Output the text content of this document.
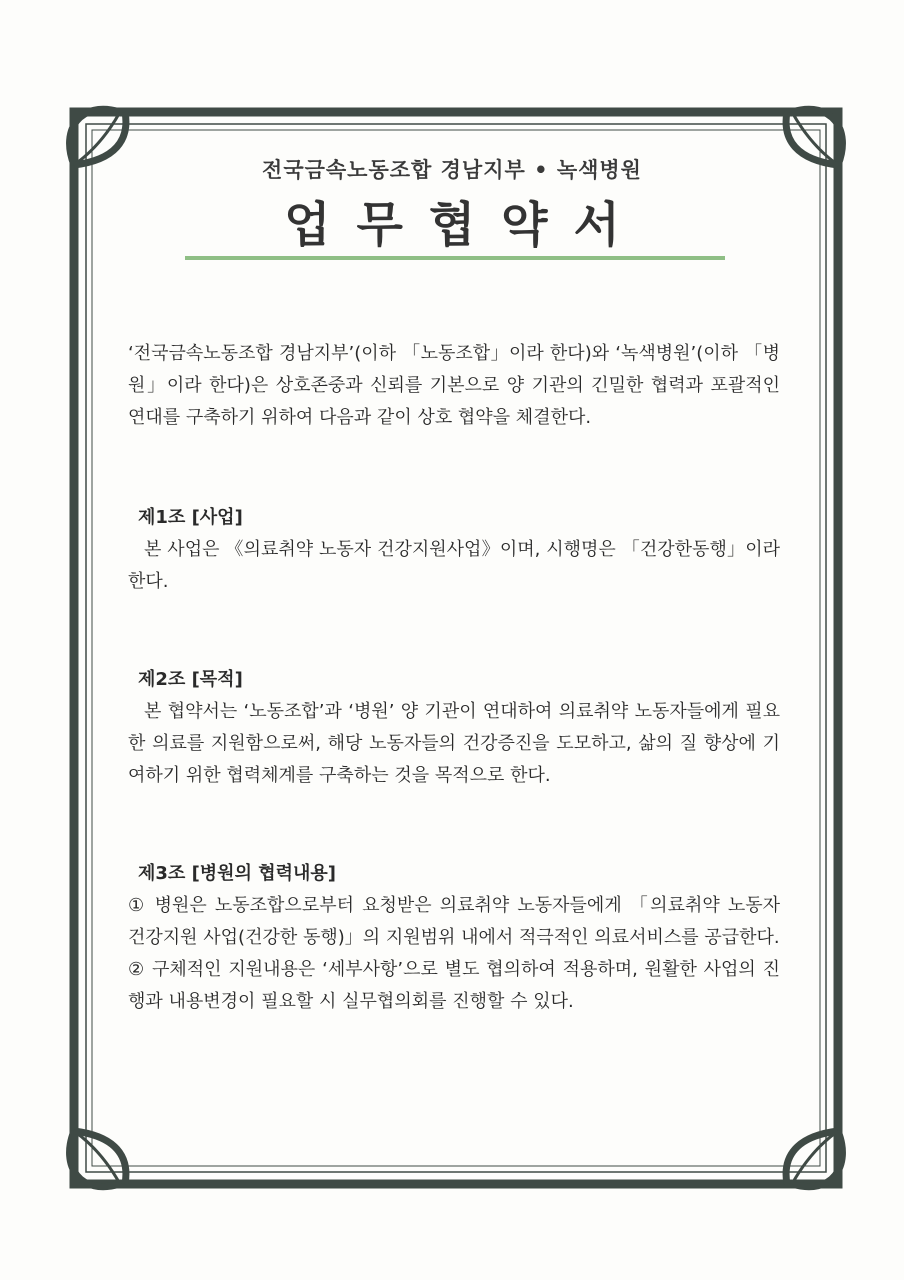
전국금속노동조합 경남지부 • 녹색병원
업무협약서

‘전국금속노동조합 경남지부’(이하 「노동조합」이라 한다)와 ‘녹색병원’(이하 「병원」이라 한다)은 상호존중과 신뢰를 기본으로 양 기관의 긴밀한 협력과 포괄적인 연대를 구축하기 위하여 다음과 같이 상호 협약을 체결한다.

제1조 [사업]

본 사업은 《의료취약 노동자 건강지원사업》이며, 시행명은 「건강한동행」이라 한다.

제2조 [목적]

본 협약서는 ‘노동조합’과 ‘병원’ 양 기관이 연대하여 의료취약 노동자들에게 필요한 의료를 지원함으로써, 해당 노동자들의 건강증진을 도모하고, 삶의 질 향상에 기여하기 위한 협력체계를 구축하는 것을 목적으로 한다.

제3조 [병원의 협력내용]

① 병원은 노동조합으로부터 요청받은 의료취약 노동자들에게 「의료취약 노동자 건강지원 사업(건강한 동행)」의 지원범위 내에서 적극적인 의료서비스를 공급한다.

② 구체적인 지원내용은 ‘세부사항’으로 별도 협의하여 적용하며, 원활한 사업의 진행과 내용변경이 필요할 시 실무협의회를 진행할 수 있다.
